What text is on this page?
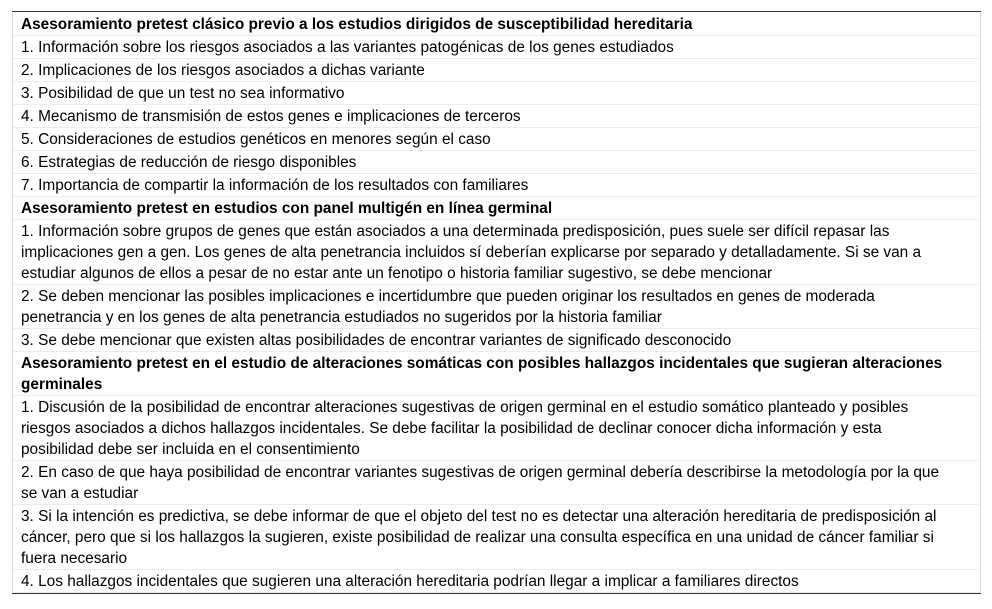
Asesoramiento pretest clásico previo a los estudios dirigidos de susceptibilidad hereditaria
1. Información sobre los riesgos asociados a las variantes patogénicas de los genes estudiados
2. Implicaciones de los riesgos asociados a dichas variante
3. Posibilidad de que un test no sea informativo
4. Mecanismo de transmisión de estos genes e implicaciones de terceros
5. Consideraciones de estudios genéticos en menores según el caso
6. Estrategias de reducción de riesgo disponibles
7. Importancia de compartir la información de los resultados con familiares
Asesoramiento pretest en estudios con panel multigén en línea germinal
1. Información sobre grupos de genes que están asociados a una determinada predisposición, pues suele ser difícil repasar las implicaciones gen a gen. Los genes de alta penetrancia incluidos sí deberían explicarse por separado y detalladamente. Si se van a estudiar algunos de ellos a pesar de no estar ante un fenotipo o historia familiar sugestivo, se debe mencionar
2. Se deben mencionar las posibles implicaciones e incertidumbre que pueden originar los resultados en genes de moderada penetrancia y en los genes de alta penetrancia estudiados no sugeridos por la historia familiar
3. Se debe mencionar que existen altas posibilidades de encontrar variantes de significado desconocido
Asesoramiento pretest en el estudio de alteraciones somáticas con posibles hallazgos incidentales que sugieran alteraciones germinales
1. Discusión de la posibilidad de encontrar alteraciones sugestivas de origen germinal en el estudio somático planteado y posibles riesgos asociados a dichos hallazgos incidentales. Se debe facilitar la posibilidad de declinar conocer dicha información y esta posibilidad debe ser incluida en el consentimiento
2. En caso de que haya posibilidad de encontrar variantes sugestivas de origen germinal debería describirse la metodología por la que se van a estudiar
3. Si la intención es predictiva, se debe informar de que el objeto del test no es detectar una alteración hereditaria de predisposición al cáncer, pero que si los hallazgos la sugieren, existe posibilidad de realizar una consulta específica en una unidad de cáncer familiar si fuera necesario
4. Los hallazgos incidentales que sugieren una alteración hereditaria podrían llegar a implicar a familiares directos
